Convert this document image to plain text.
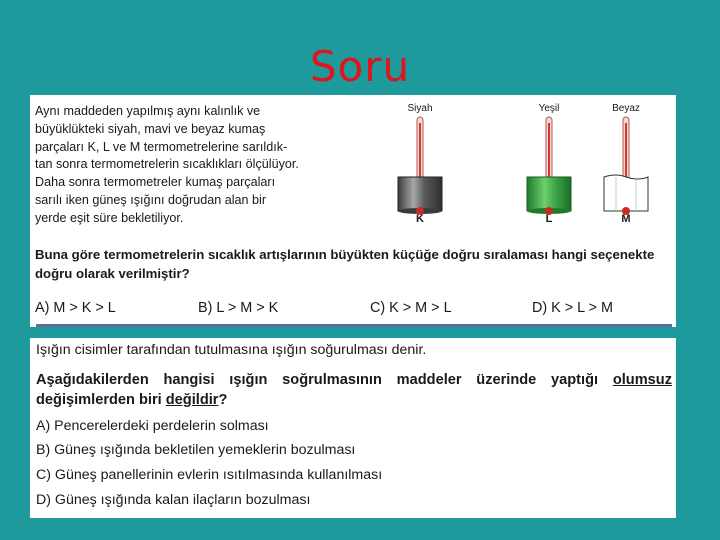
Soru
Aynı maddeden yapılmış aynı kalınlık ve
büyüklükteki siyah, mavi ve beyaz kumaş
parçaları K, L ve M termometrelerine sarıldık-
tan sonra termometrelerin sıcaklıkları ölçülüyor.
Daha sonra termometreler kumaş parçaları
sarılı iken güneş ışığını doğrudan alan bir
yerde eşit süre bekletiliyor.
Siyah
K
Yeşil
L
Beyaz
M
Buna göre termometrelerin sıcaklık artışlarının büyükten küçüğe doğru sıralaması hangi seçenekte doğru olarak verilmiştir?
A) M > K > L	B) L > M > K	C) K > M > L	D) K > L > M
Işığın cisimler tarafından tutulmasına ışığın soğurulması denir.
Aşağıdakilerden hangisi ışığın soğrulmasının maddeler üzerinde yaptığı olumsuz değişimlerden biri değildir?
A) Pencerelerdeki perdelerin solması
B) Güneş ışığında bekletilen yemeklerin bozulması
C) Güneş panellerinin evlerin ısıtılmasında kullanılması
D) Güneş ışığında kalan ilaçların bozulması
